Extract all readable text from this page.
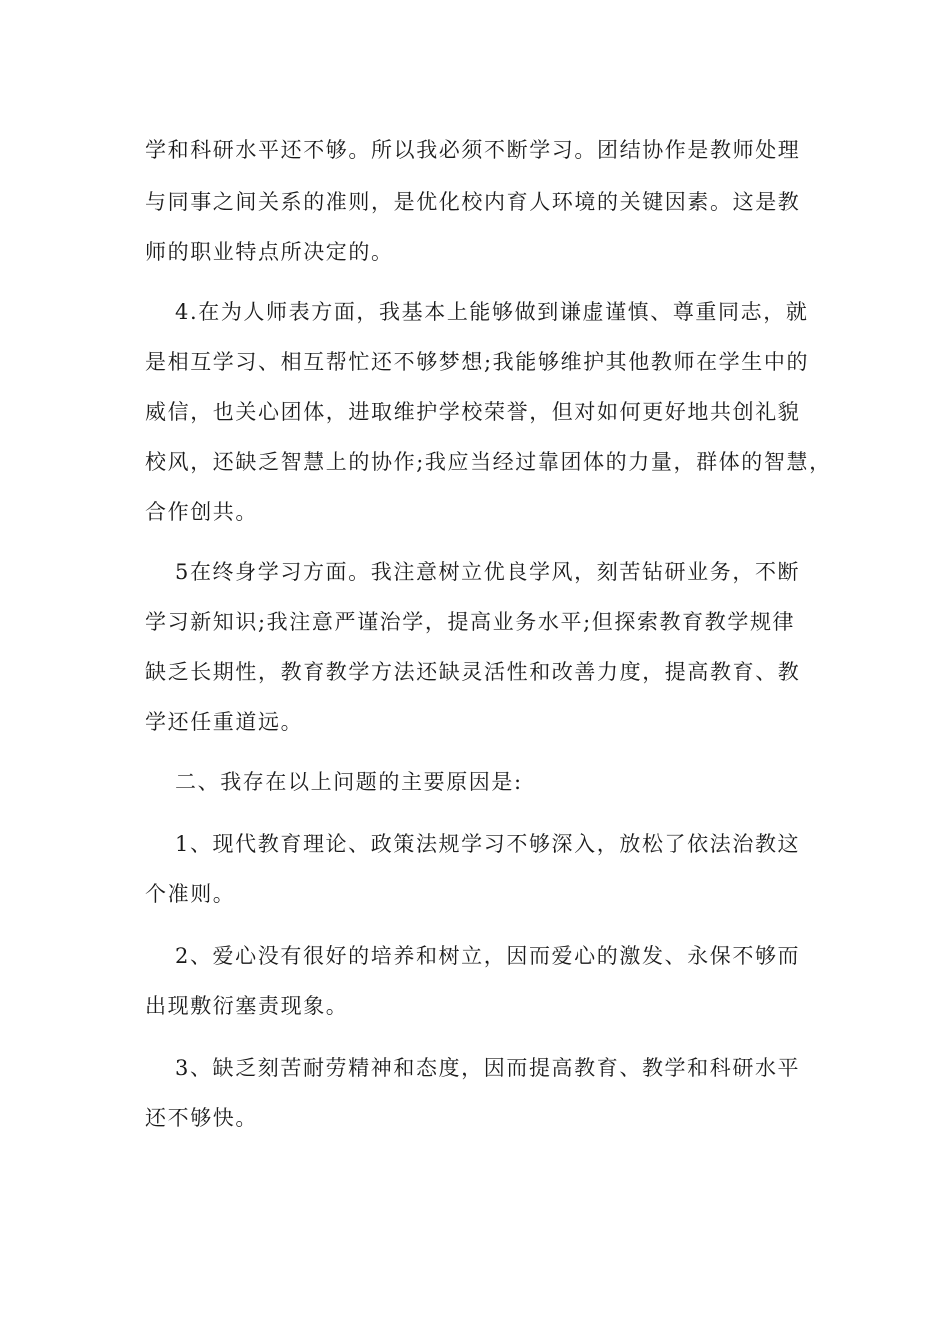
学和科研水平还不够。所以我必须不断学习。团结协作是教师处理
与同事之间关系的准则，是优化校内育人环境的关键因素。这是教
师的职业特点所决定的。
4.在为人师表方面，我基本上能够做到谦虚谨慎、尊重同志，就
是相互学习、相互帮忙还不够梦想;我能够维护其他教师在学生中的
威信，也关心团体，进取维护学校荣誉，但对如何更好地共创礼貌
校风，还缺乏智慧上的协作;我应当经过靠团体的力量，群体的智慧，
合作创共。
5在终身学习方面。我注意树立优良学风，刻苦钻研业务，不断
学习新知识;我注意严谨治学，提高业务水平;但探索教育教学规律
缺乏长期性，教育教学方法还缺灵活性和改善力度，提高教育、教
学还任重道远。
二、我存在以上问题的主要原因是:
1、现代教育理论、政策法规学习不够深入，放松了依法治教这
个准则。
2、爱心没有很好的培养和树立，因而爱心的激发、永保不够而
出现敷衍塞责现象。
3、缺乏刻苦耐劳精神和态度，因而提高教育、教学和科研水平
还不够快。
